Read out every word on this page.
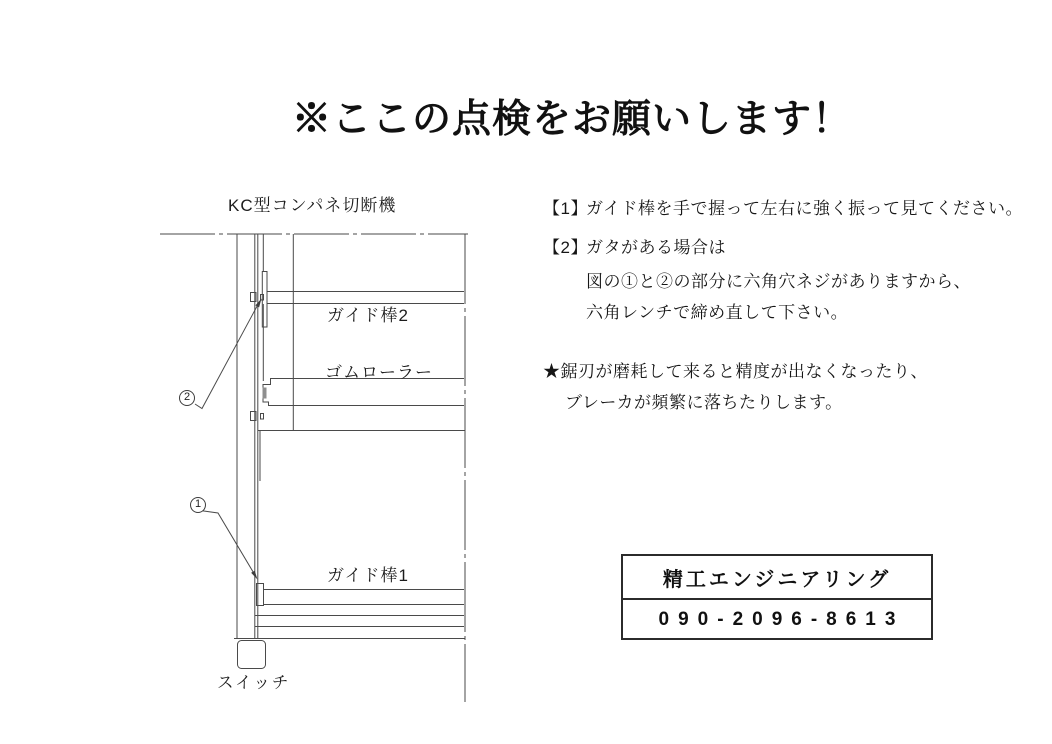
※ここの点検をお願いします！
KC型コンパネ切断機
ガイド棒2
ゴムローラー
ガイド棒1
スイッチ
2
1
【1】ガイド棒を手で握って左右に強く振って見てください。
【2】ガタがある場合は
図の①と②の部分に六角穴ネジがありますから、
六角レンチで締め直して下さい。
★鋸刃が磨耗して来ると精度が出なくなったり、
ブレーカが頻繁に落ちたりします。
精工エンジニアリング
090-2096-8613
